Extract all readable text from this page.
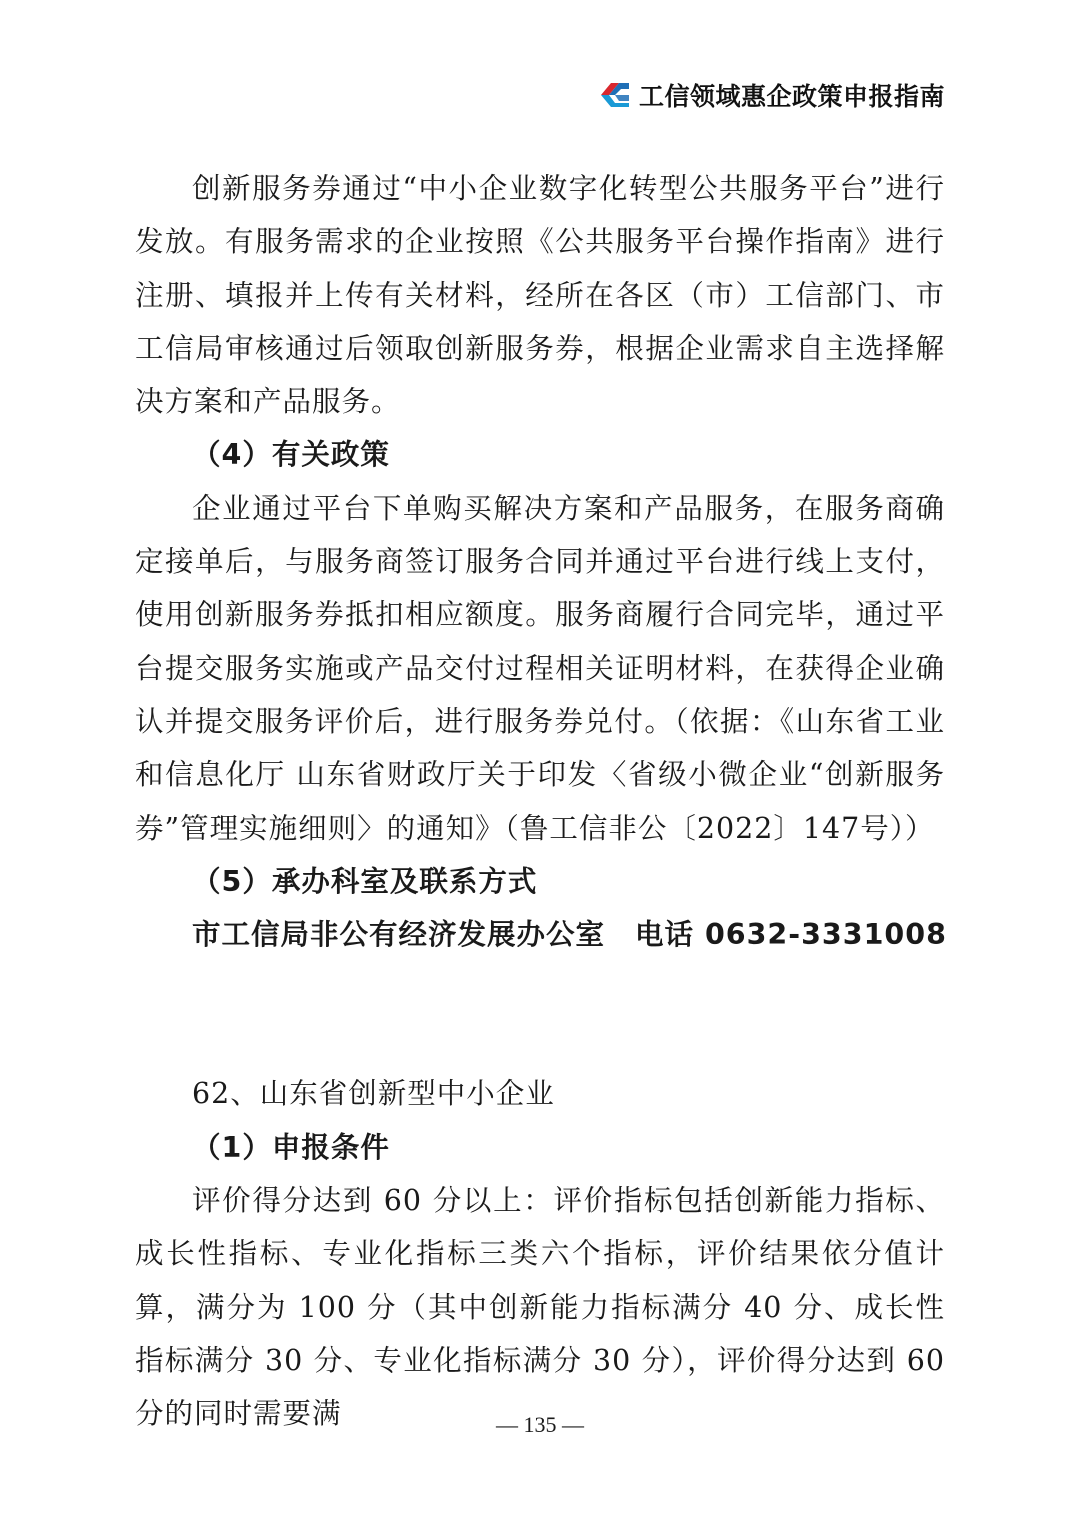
工信领域惠企政策申报指南

创新服务券通过“中小企业数字化转型公共服务平台”进行发放。有服务需求的企业按照《公共服务平台操作指南》进行注册、填报并上传有关材料，经所在各区（市）工信部门、市工信局审核通过后领取创新服务券，根据企业需求自主选择解决方案和产品服务。

（4）有关政策

企业通过平台下单购买解决方案和产品服务，在服务商确定接单后，与服务商签订服务合同并通过平台进行线上支付，使用创新服务券抵扣相应额度。服务商履行合同完毕，通过平台提交服务实施或产品交付过程相关证明材料，在获得企业确认并提交服务评价后，进行服务券兑付。（依据：《山东省工业和信息化厅 山东省财政厅关于印发〈省级小微企业“创新服务券”管理实施细则〉的通知》（鲁工信非公〔2022〕147号））

（5）承办科室及联系方式

市工信局非公有经济发展办公室 电话 0632-3331008

62、山东省创新型中小企业

（1）申报条件

评价得分达到 60 分以上：评价指标包括创新能力指标、成长性指标、专业化指标三类六个指标，评价结果依分值计算，满分为 100 分（其中创新能力指标满分 40 分、成长性指标满分 30 分、专业化指标满分 30 分），评价得分达到 60 分的同时需要满	— 135 —
